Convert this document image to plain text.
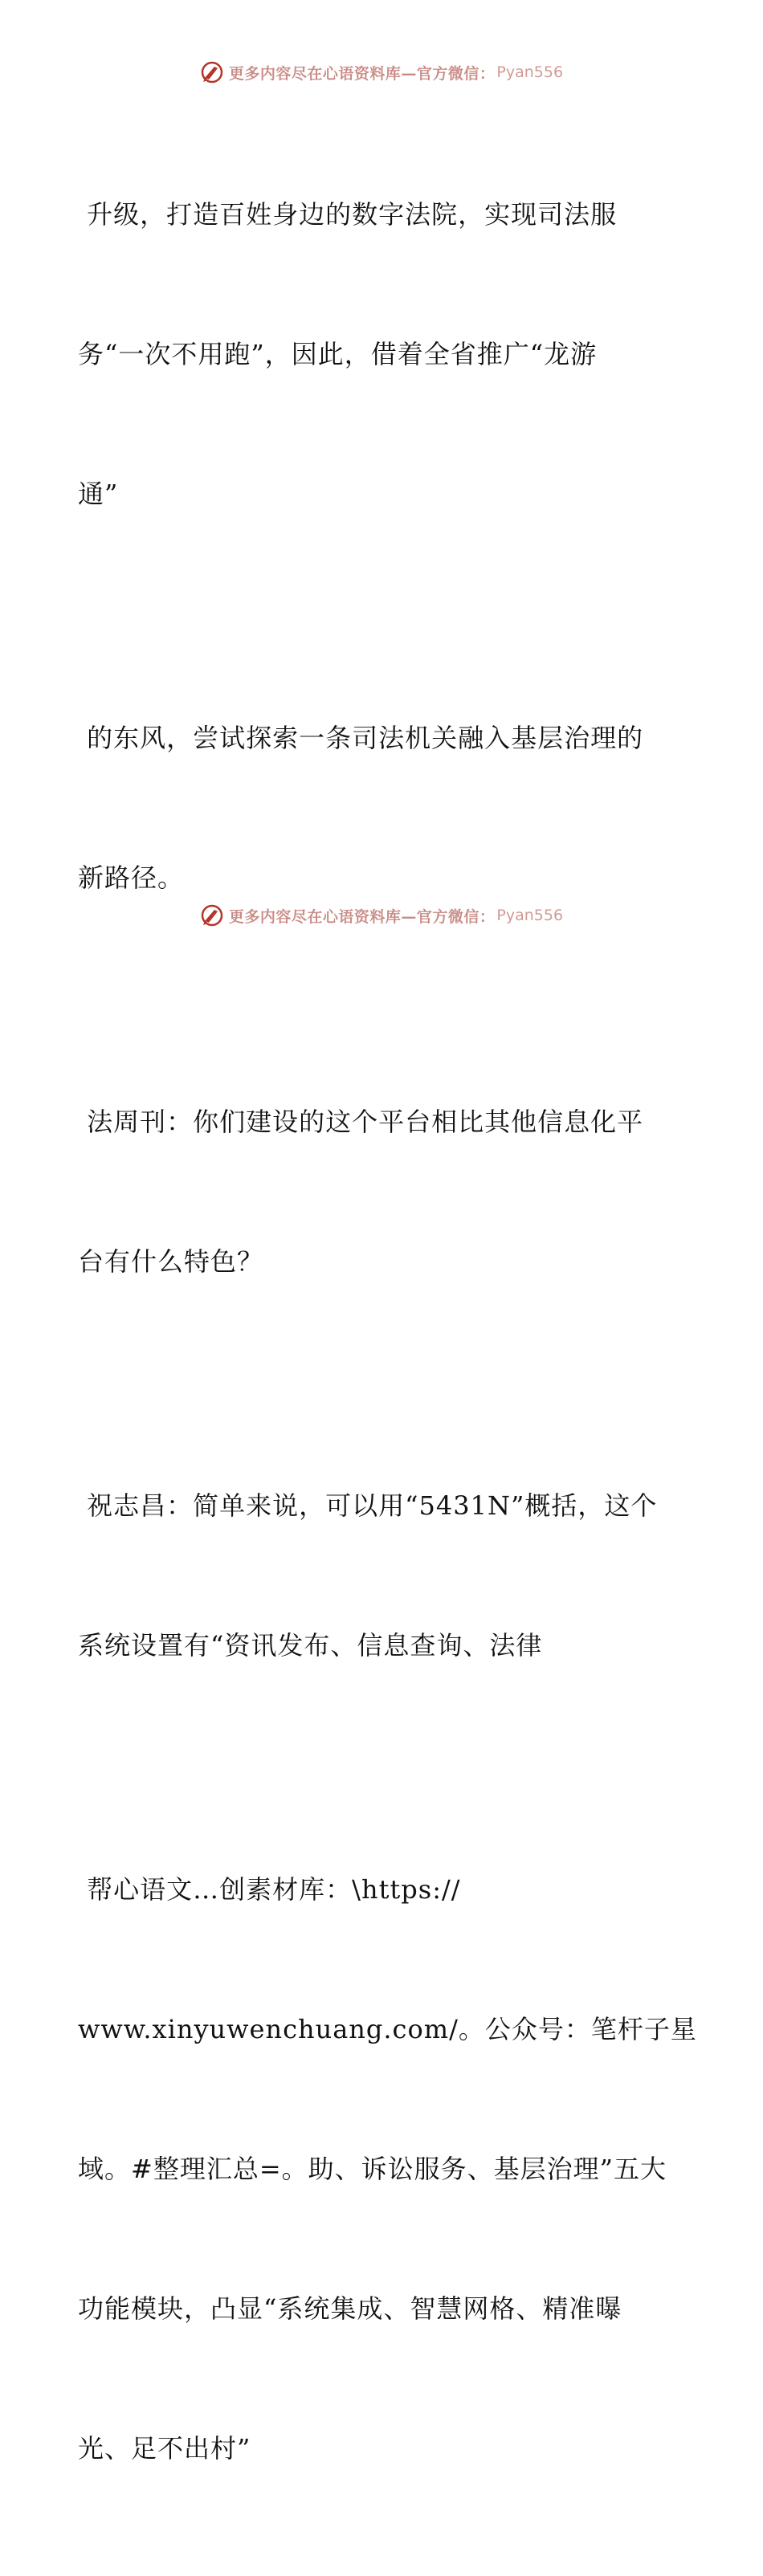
更多内容尽在心语资料库—官方微信： Pyan556

升级，打造百姓身边的数字法院，实现司法服

务“一次不用跑”，因此，借着全省推广“龙游

通”

的东风，尝试探索一条司法机关融入基层治理的

新路径。

法周刊：你们建设的这个平台相比其他信息化平

台有什么特色？

祝志昌：简单来说，可以用“5431N”概括，这个

系统设置有“资讯发布、信息查询、法律

帮心语文…创素材库：\https://

www.xinyuwenchuang.com/。公众号：笔杆子星

域。#整理汇总=。助、诉讼服务、基层治理”五大

功能模块，凸显“系统集成、智慧网格、精准曝

光、足不出村”

更多内容尽在心语资料库—官方微信： Pyan556
